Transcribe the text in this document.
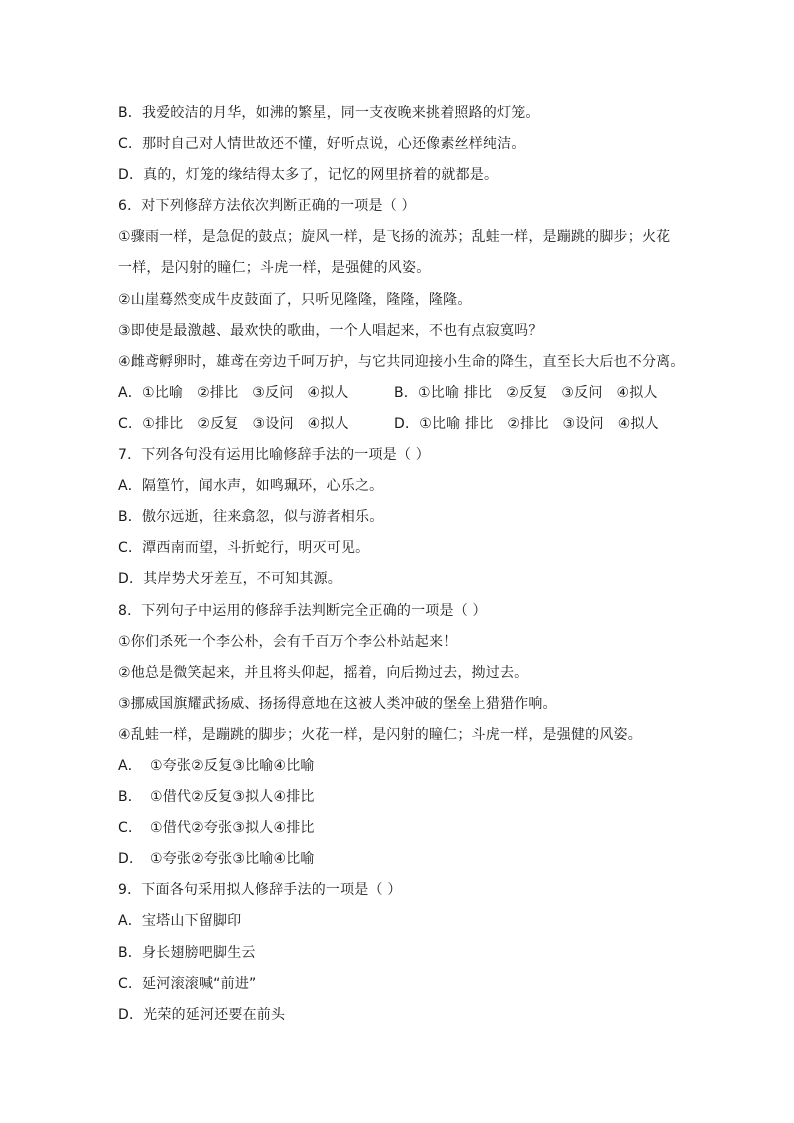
B．我爱皎洁的月华，如沸的繁星，同一支夜晚来挑着照路的灯笼。
C．那时自己对人情世故还不懂，好听点说，心还像素丝样纯洁。
D．真的，灯笼的缘结得太多了，记忆的网里挤着的就都是。
6．对下列修辞方法依次判断正确的一项是（ ）
①骤雨一样，是急促的鼓点；旋风一样，是飞扬的流苏；乱蛙一样，是蹦跳的脚步；火花
一样，是闪射的瞳仁；斗虎一样，是强健的风姿。
②山崖蓦然变成牛皮鼓面了，只听见隆隆，隆隆，隆隆。
③即使是最激越、最欢快的歌曲，一个人唱起来，不也有点寂寞吗？
④雌鸢孵卵时，雄鸢在旁边千呵万护，与它共同迎接小生命的降生，直至长大后也不分离。
A．①比喻 ②排比 ③反问 ④拟人	B．①比喻 排比 ②反复 ③反问 ④拟人
C．①排比 ②反复 ③设问 ④拟人	D．①比喻 排比 ②排比 ③设问 ④拟人
7．下列各句没有运用比喻修辞手法的一项是（ ）
A．隔篁竹，闻水声，如鸣珮环，心乐之。
B．傲尔远逝，往来翕忽，似与游者相乐。
C．潭西南而望，斗折蛇行，明灭可见。
D．其岸势犬牙差互，不可知其源。
8．下列句子中运用的修辞手法判断完全正确的一项是（ ）
①你们杀死一个李公朴，会有千百万个李公朴站起来！
②他总是微笑起来，并且将头仰起，摇着，向后拗过去，拗过去。
③挪威国旗耀武扬威、扬扬得意地在这被人类冲破的堡垒上猎猎作响。
④乱蛙一样，是蹦跳的脚步；火花一样，是闪射的瞳仁；斗虎一样，是强健的风姿。
A． ①夸张②反复③比喻④比喻
B． ①借代②反复③拟人④排比
C． ①借代②夸张③拟人④排比
D． ①夸张②夸张③比喻④比喻
9．下面各句采用拟人修辞手法的一项是（ ）
A．宝塔山下留脚印
B．身长翅膀吧脚生云
C．延河滚滚喊“前进”
D．光荣的延河还要在前头
